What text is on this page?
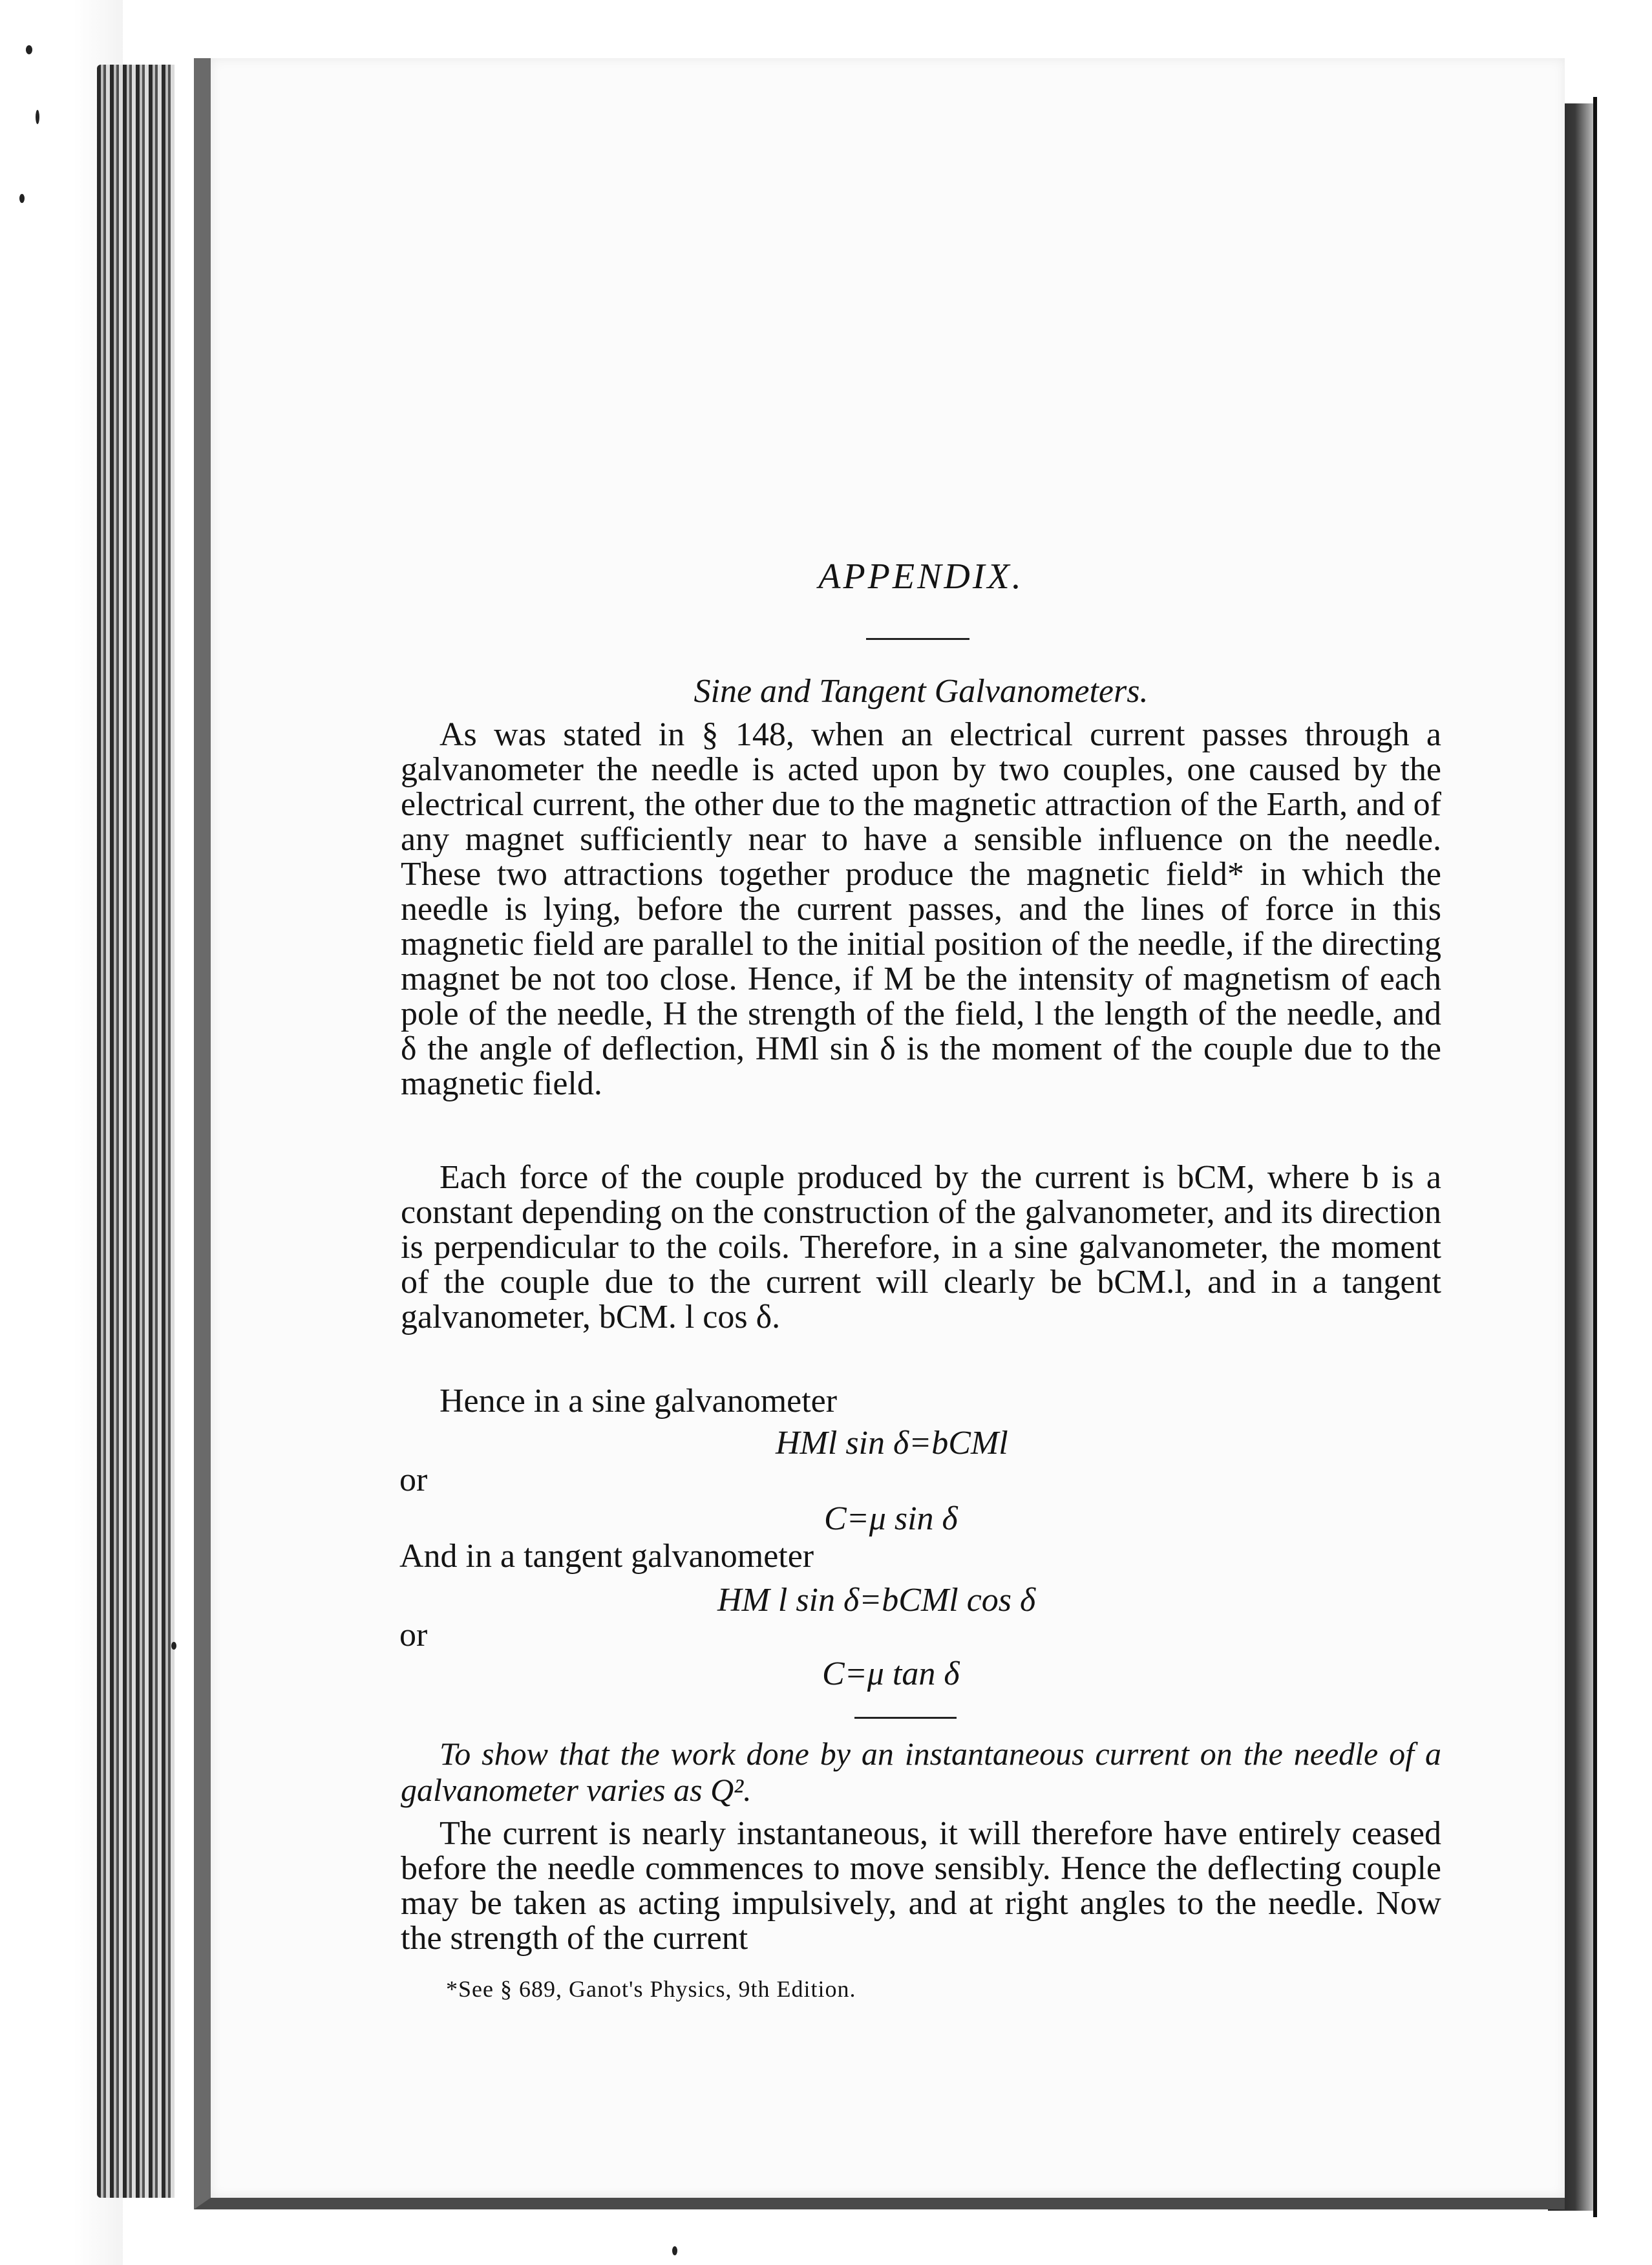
APPENDIX.
Sine and Tangent Galvanometers.

As was stated in § 148, when an electrical current passes through a galvanometer the needle is acted upon by two couples, one caused by the electrical current, the other due to the magnetic attraction of the Earth, and of any magnet sufficiently near to have a sensible influence on the needle. These two attractions together produce the magnetic field* in which the needle is lying, before the current passes, and the lines of force in this magnetic field are parallel to the initial position of the needle, if the directing magnet be not too close. Hence, if M be the intensity of magnetism of each pole of the needle, H the strength of the field, l the length of the needle, and δ the angle of deflection, HMl sin δ is the moment of the couple due to the magnetic field.

Each force of the couple produced by the current is bCM, where b is a constant depending on the construction of the galvanometer, and its direction is perpendicular to the coils. Therefore, in a sine galvanometer, the moment of the couple due to the current will clearly be bCM.l, and in a tangent galvanometer, bCM. l cos δ.

Hence in a sine galvanometer

HMl sin δ=bCMl

or

C=μ sin δ

And in a tangent galvanometer

HM l sin δ=bCMl cos δ

or

C=μ tan δ

To show that the work done by an instantaneous current on the needle of a galvanometer varies as Q².

The current is nearly instantaneous, it will therefore have entirely ceased before the needle commences to move sensibly. Hence the deflecting couple may be taken as acting impulsively, and at right angles to the needle. Now the strength of the current

*See § 689, Ganot's Physics, 9th Edition.
